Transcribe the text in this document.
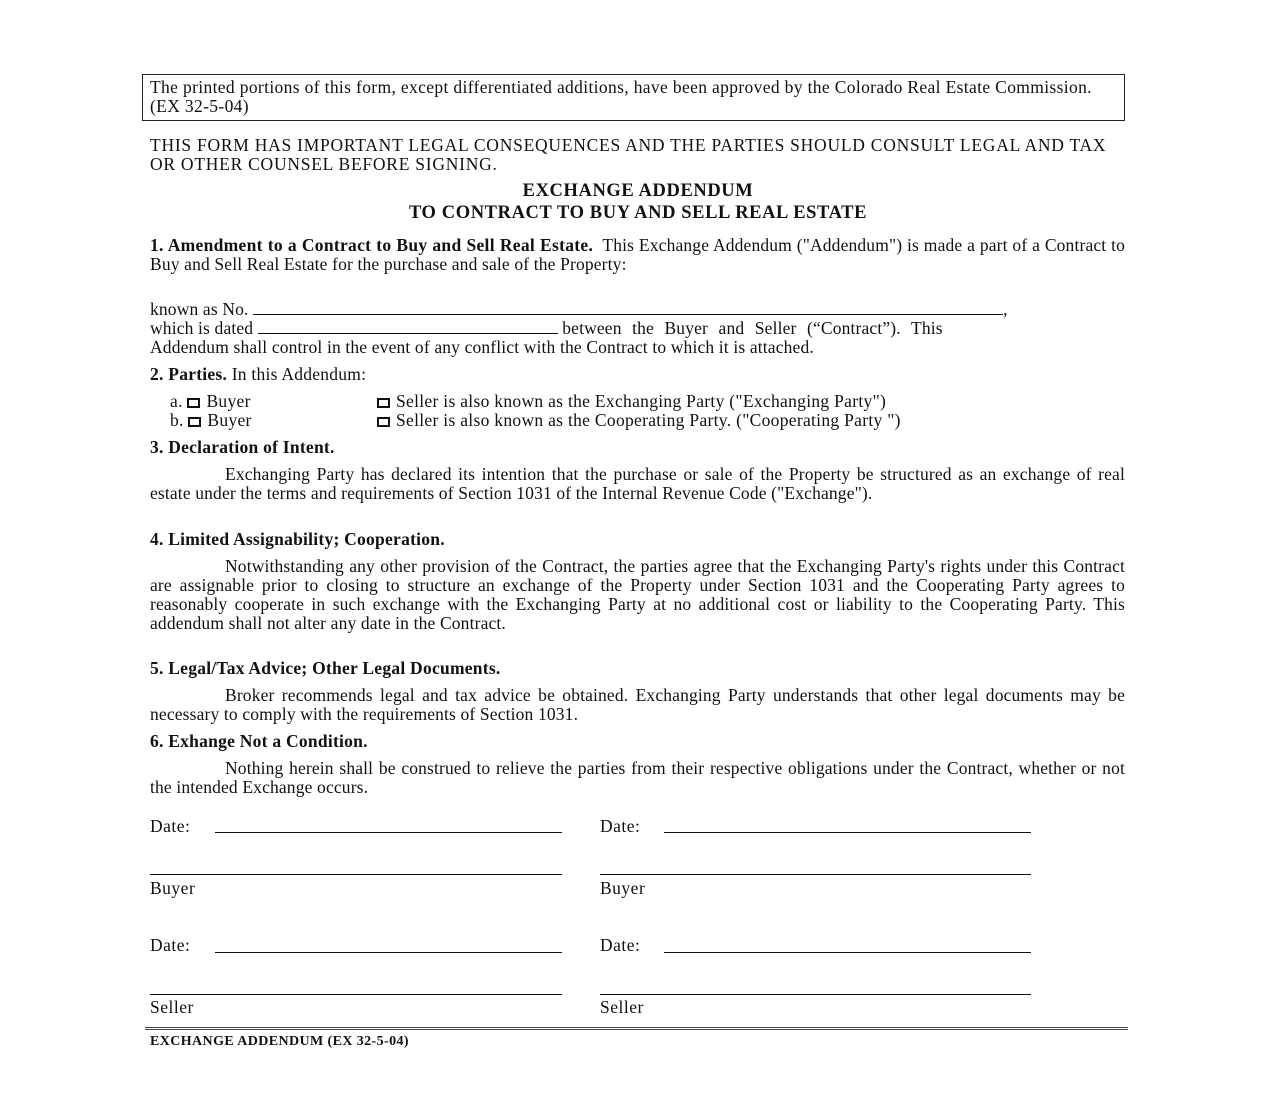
The printed portions of this form, except differentiated additions, have been approved by the Colorado Real Estate Commission. (EX 32-5-04)
THIS FORM HAS IMPORTANT LEGAL CONSEQUENCES AND THE PARTIES SHOULD CONSULT LEGAL AND TAX OR OTHER COUNSEL BEFORE SIGNING.
EXCHANGE ADDENDUM
TO CONTRACT TO BUY AND SELL REAL ESTATE
1. Amendment to a Contract to Buy and Sell Real Estate. This Exchange Addendum ("Addendum") is made a part of a Contract to Buy and Sell Real Estate for the purchase and sale of the Property:
known as No.	,
which is dated	between the Buyer and Seller (“Contract”). This
Addendum shall control in the event of any conflict with the Contract to which it is attached.
2. Parties. In this Addendum:
a. Buyer	Seller is also known as the Exchanging Party ("Exchanging Party")
b. Buyer	Seller is also known as the Cooperating Party. ("Cooperating Party ")
3. Declaration of Intent.
Exchanging Party has declared its intention that the purchase or sale of the Property be structured as an exchange of real estate under the terms and requirements of Section 1031 of the Internal Revenue Code ("Exchange").
4. Limited Assignability; Cooperation.
Notwithstanding any other provision of the Contract, the parties agree that the Exchanging Party's rights under this Contract are assignable prior to closing to structure an exchange of the Property under Section 1031 and the Cooperating Party agrees to reasonably cooperate in such exchange with the Exchanging Party at no additional cost or liability to the Cooperating Party. This addendum shall not alter any date in the Contract.
5. Legal/Tax Advice; Other Legal Documents.
Broker recommends legal and tax advice be obtained. Exchanging Party understands that other legal documents may be necessary to comply with the requirements of Section 1031.
6. Exhange Not a Condition.
Nothing herein shall be construed to relieve the parties from their respective obligations under the Contract, whether or not the intended Exchange occurs.
Date:	Date:
Buyer	Buyer
Date:	Date:
Seller	Seller
EXCHANGE ADDENDUM (EX 32-5-04)
